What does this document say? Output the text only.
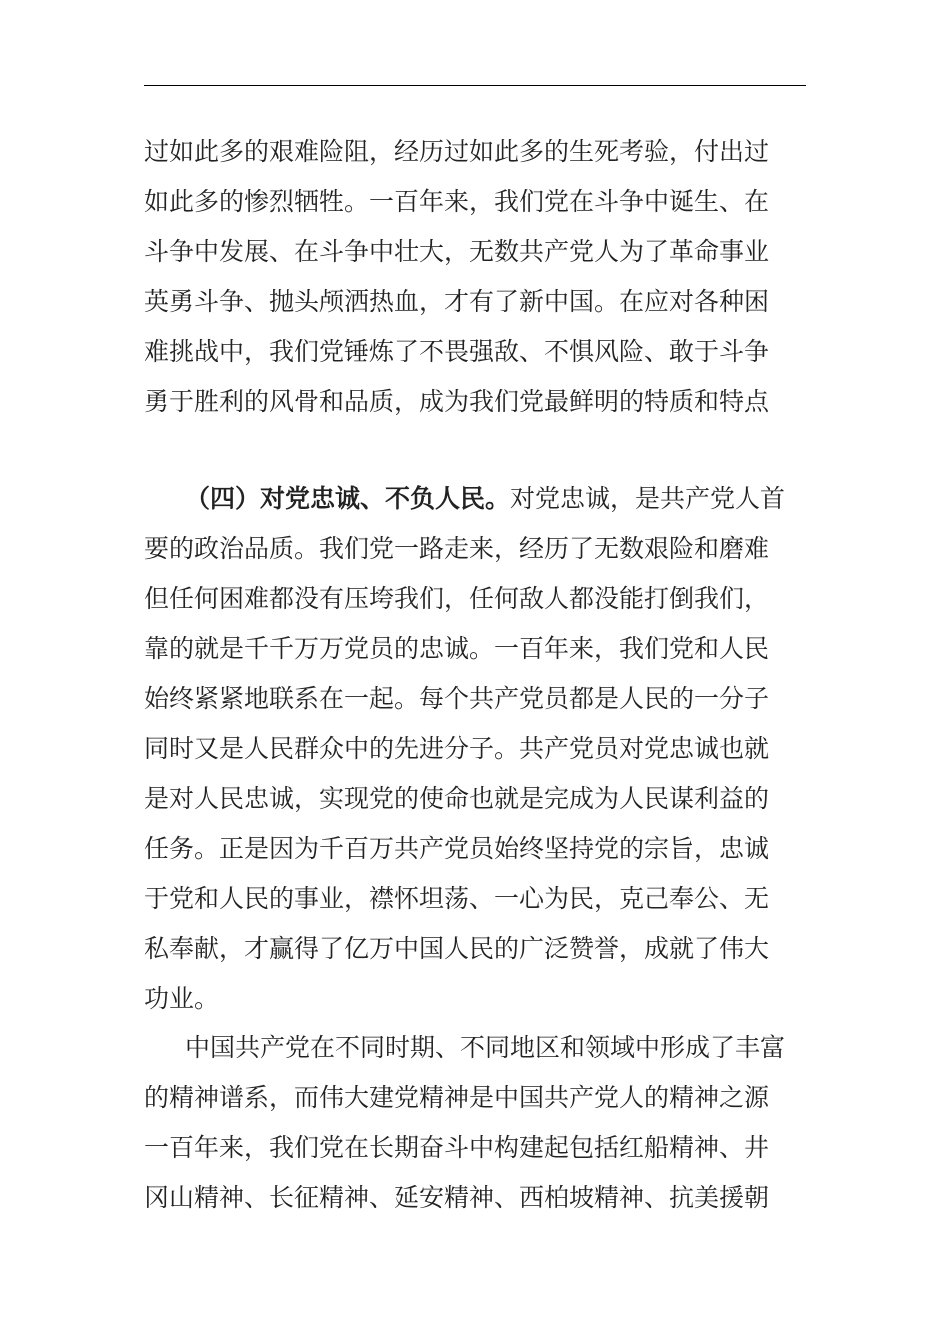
过如此多的艰难险阻，经历过如此多的生死考验，付出过
如此多的惨烈牺牲。一百年来，我们党在斗争中诞生、在
斗争中发展、在斗争中壮大，无数共产党人为了革命事业
英勇斗争、抛头颅洒热血，才有了新中国。在应对各种困
难挑战中，我们党锤炼了不畏强敌、不惧风险、敢于斗争
勇于胜利的风骨和品质，成为我们党最鲜明的特质和特点
（四）对党忠诚、不负人民。对党忠诚，是共产党人首
要的政治品质。我们党一路走来，经历了无数艰险和磨难
但任何困难都没有压垮我们，任何敌人都没能打倒我们，
靠的就是千千万万党员的忠诚。一百年来，我们党和人民
始终紧紧地联系在一起。每个共产党员都是人民的一分子
同时又是人民群众中的先进分子。共产党员对党忠诚也就
是对人民忠诚，实现党的使命也就是完成为人民谋利益的
任务。正是因为千百万共产党员始终坚持党的宗旨，忠诚
于党和人民的事业，襟怀坦荡、一心为民，克己奉公、无
私奉献，才赢得了亿万中国人民的广泛赞誉，成就了伟大
功业。
中国共产党在不同时期、不同地区和领域中形成了丰富
的精神谱系，而伟大建党精神是中国共产党人的精神之源
一百年来，我们党在长期奋斗中构建起包括红船精神、井
冈山精神、长征精神、延安精神、西柏坡精神、抗美援朝
